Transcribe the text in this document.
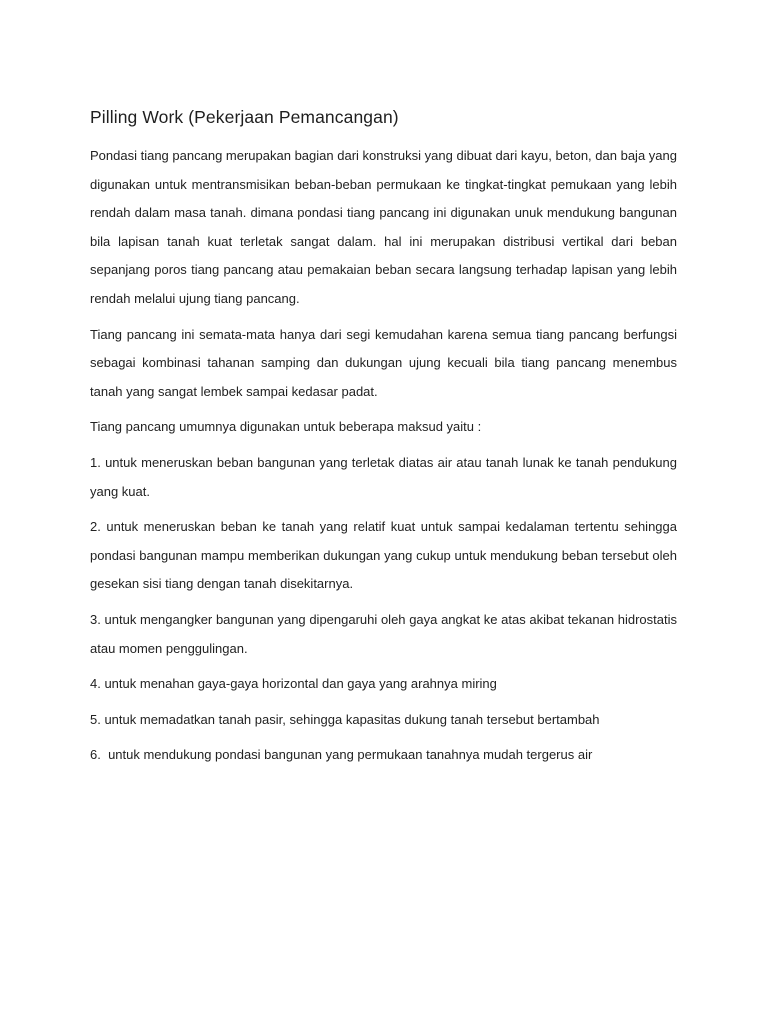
Pilling Work (Pekerjaan Pemancangan)

Pondasi tiang pancang merupakan bagian dari konstruksi yang dibuat dari kayu, beton, dan baja yang digunakan untuk mentransmisikan beban-beban permukaan ke tingkat-tingkat pemukaan yang lebih rendah dalam masa tanah. dimana pondasi tiang pancang ini digunakan unuk mendukung bangunan bila lapisan tanah kuat terletak sangat dalam. hal ini merupakan distribusi vertikal dari beban sepanjang poros tiang pancang atau pemakaian beban secara langsung terhadap lapisan yang lebih rendah melalui ujung tiang pancang.

Tiang pancang ini semata-mata hanya dari segi kemudahan karena semua tiang pancang berfungsi sebagai kombinasi tahanan samping dan dukungan ujung kecuali bila tiang pancang menembus tanah yang sangat lembek sampai kedasar padat.

Tiang pancang umumnya digunakan untuk beberapa maksud yaitu :

1. untuk meneruskan beban bangunan yang terletak diatas air atau tanah lunak ke tanah pendukung yang kuat.

2. untuk meneruskan beban ke tanah yang relatif kuat untuk sampai kedalaman tertentu sehingga pondasi bangunan mampu memberikan dukungan yang cukup untuk mendukung beban tersebut oleh gesekan sisi tiang dengan tanah disekitarnya.

3. untuk mengangker bangunan yang dipengaruhi oleh gaya angkat ke atas akibat tekanan hidrostatis atau momen penggulingan.

4. untuk menahan gaya-gaya horizontal dan gaya yang arahnya miring

5. untuk memadatkan tanah pasir, sehingga kapasitas dukung tanah tersebut bertambah

6.  untuk mendukung pondasi bangunan yang permukaan tanahnya mudah tergerus air
